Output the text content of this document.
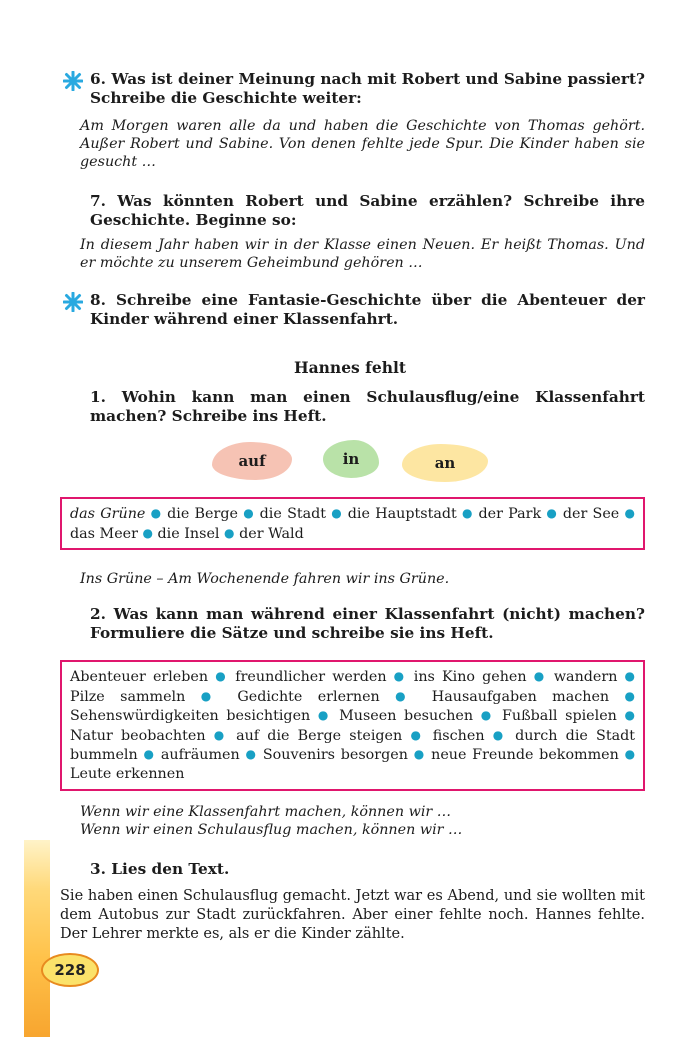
228

6. Was ist deiner Meinung nach mit Robert und Sabine passiert? Schreibe die Geschichte weiter:

Am Morgen waren alle da und haben die Geschichte von Thomas gehört. Außer Robert und Sabine. Von denen fehlte jede Spur. Die Kinder haben sie gesucht …

7. Was könnten Robert und Sabine erzählen? Schreibe ihre Geschichte. Beginne so:

In diesem Jahr haben wir in der Klasse einen Neuen. Er heißt Thomas. Und er möchte zu unserem Geheimbund gehören …

8. Schreibe eine Fantasie-Geschichte über die Abenteuer der Kinder während einer Klassenfahrt.

Hannes fehlt

1. Wohin kann man einen Schulausflug/eine Klassenfahrt machen? Schreibe ins Heft.

auf	in	an
das Grüne ● die Berge ● die Stadt ● die Hauptstadt ● der Park ● der See ● das Meer ● die Insel ● der Wald

Ins Grüne – Am Wochenende fahren wir ins Grüne.

2. Was kann man während einer Klassenfahrt (nicht) machen? Formuliere die Sätze und schreibe sie ins Heft.

Abenteuer erleben ● freundlicher werden ● ins Kino gehen ● wandern ● Pilze sammeln ● Gedichte erlernen ● Hausaufgaben machen ● Sehenswürdigkeiten besichtigen ● Museen besuchen ● Fußball spielen ● Natur beobachten ● auf die Berge steigen ● fischen ● durch die Stadt bummeln ● aufräumen ● Souvenirs besorgen ● neue Freunde bekommen ● Leute erkennen

Wenn wir eine Klassenfahrt machen, können wir …

Wenn wir einen Schulausflug machen, können wir …

3. Lies den Text.

Sie haben einen Schulausflug gemacht. Jetzt war es Abend, und sie wollten mit dem Autobus zur Stadt zurückfahren. Aber einer fehlte noch. Hannes fehlte. Der Lehrer merkte es, als er die Kinder zählte.
